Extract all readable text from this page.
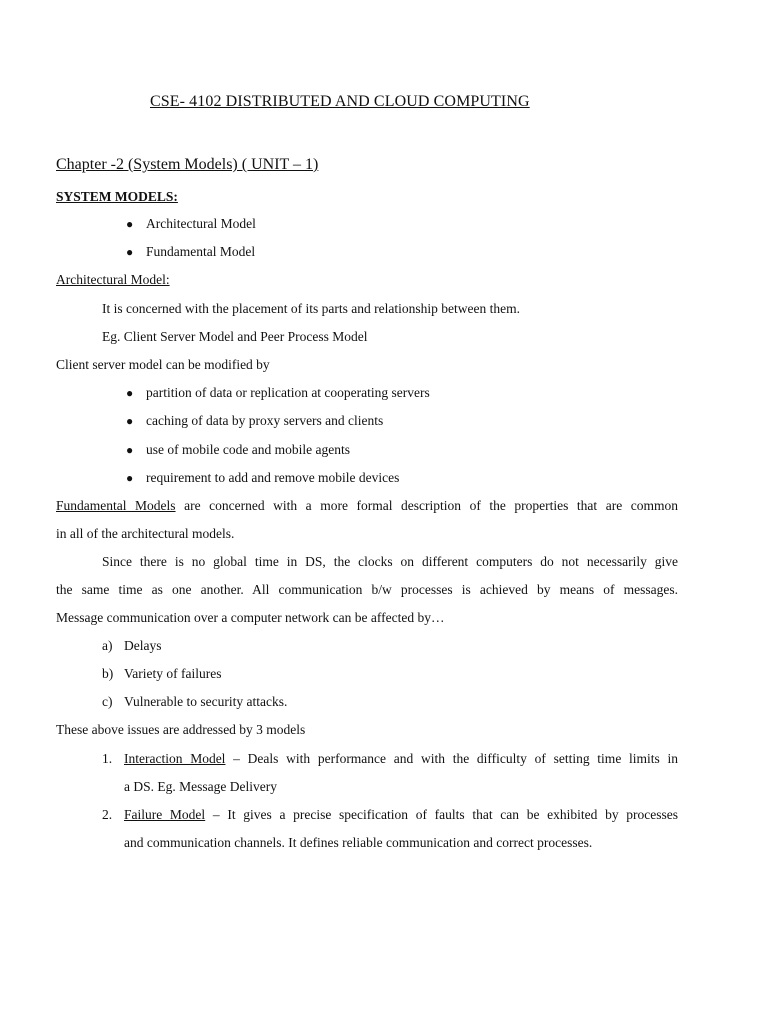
CSE- 4102 DISTRIBUTED AND CLOUD COMPUTING
Chapter -2 (System Models) ( UNIT – 1)
SYSTEM MODELS:
● Architectural Model
● Fundamental Model
Architectural Model:
It is concerned with the placement of its parts and relationship between them.
Eg. Client Server Model and Peer Process Model
Client server model can be modified by
● partition of data or replication at cooperating servers
● caching of data by proxy servers and clients
● use of mobile code and mobile agents
● requirement to add and remove mobile devices
Fundamental Models are concerned with a more formal description of the properties that are common
in all of the architectural models.
Since there is no global time in DS, the clocks on different computers do not necessarily give
the same time as one another. All communication b/w processes is achieved by means of messages.
Message communication over a computer network can be affected by…
a) Delays
b) Variety of failures
c) Vulnerable to security attacks.
These above issues are addressed by 3 models
1. Interaction Model – Deals with performance and with the difficulty of setting time limits in
a DS. Eg. Message Delivery
2. Failure Model – It gives a precise specification of faults that can be exhibited by processes
and communication channels. It defines reliable communication and correct processes.
